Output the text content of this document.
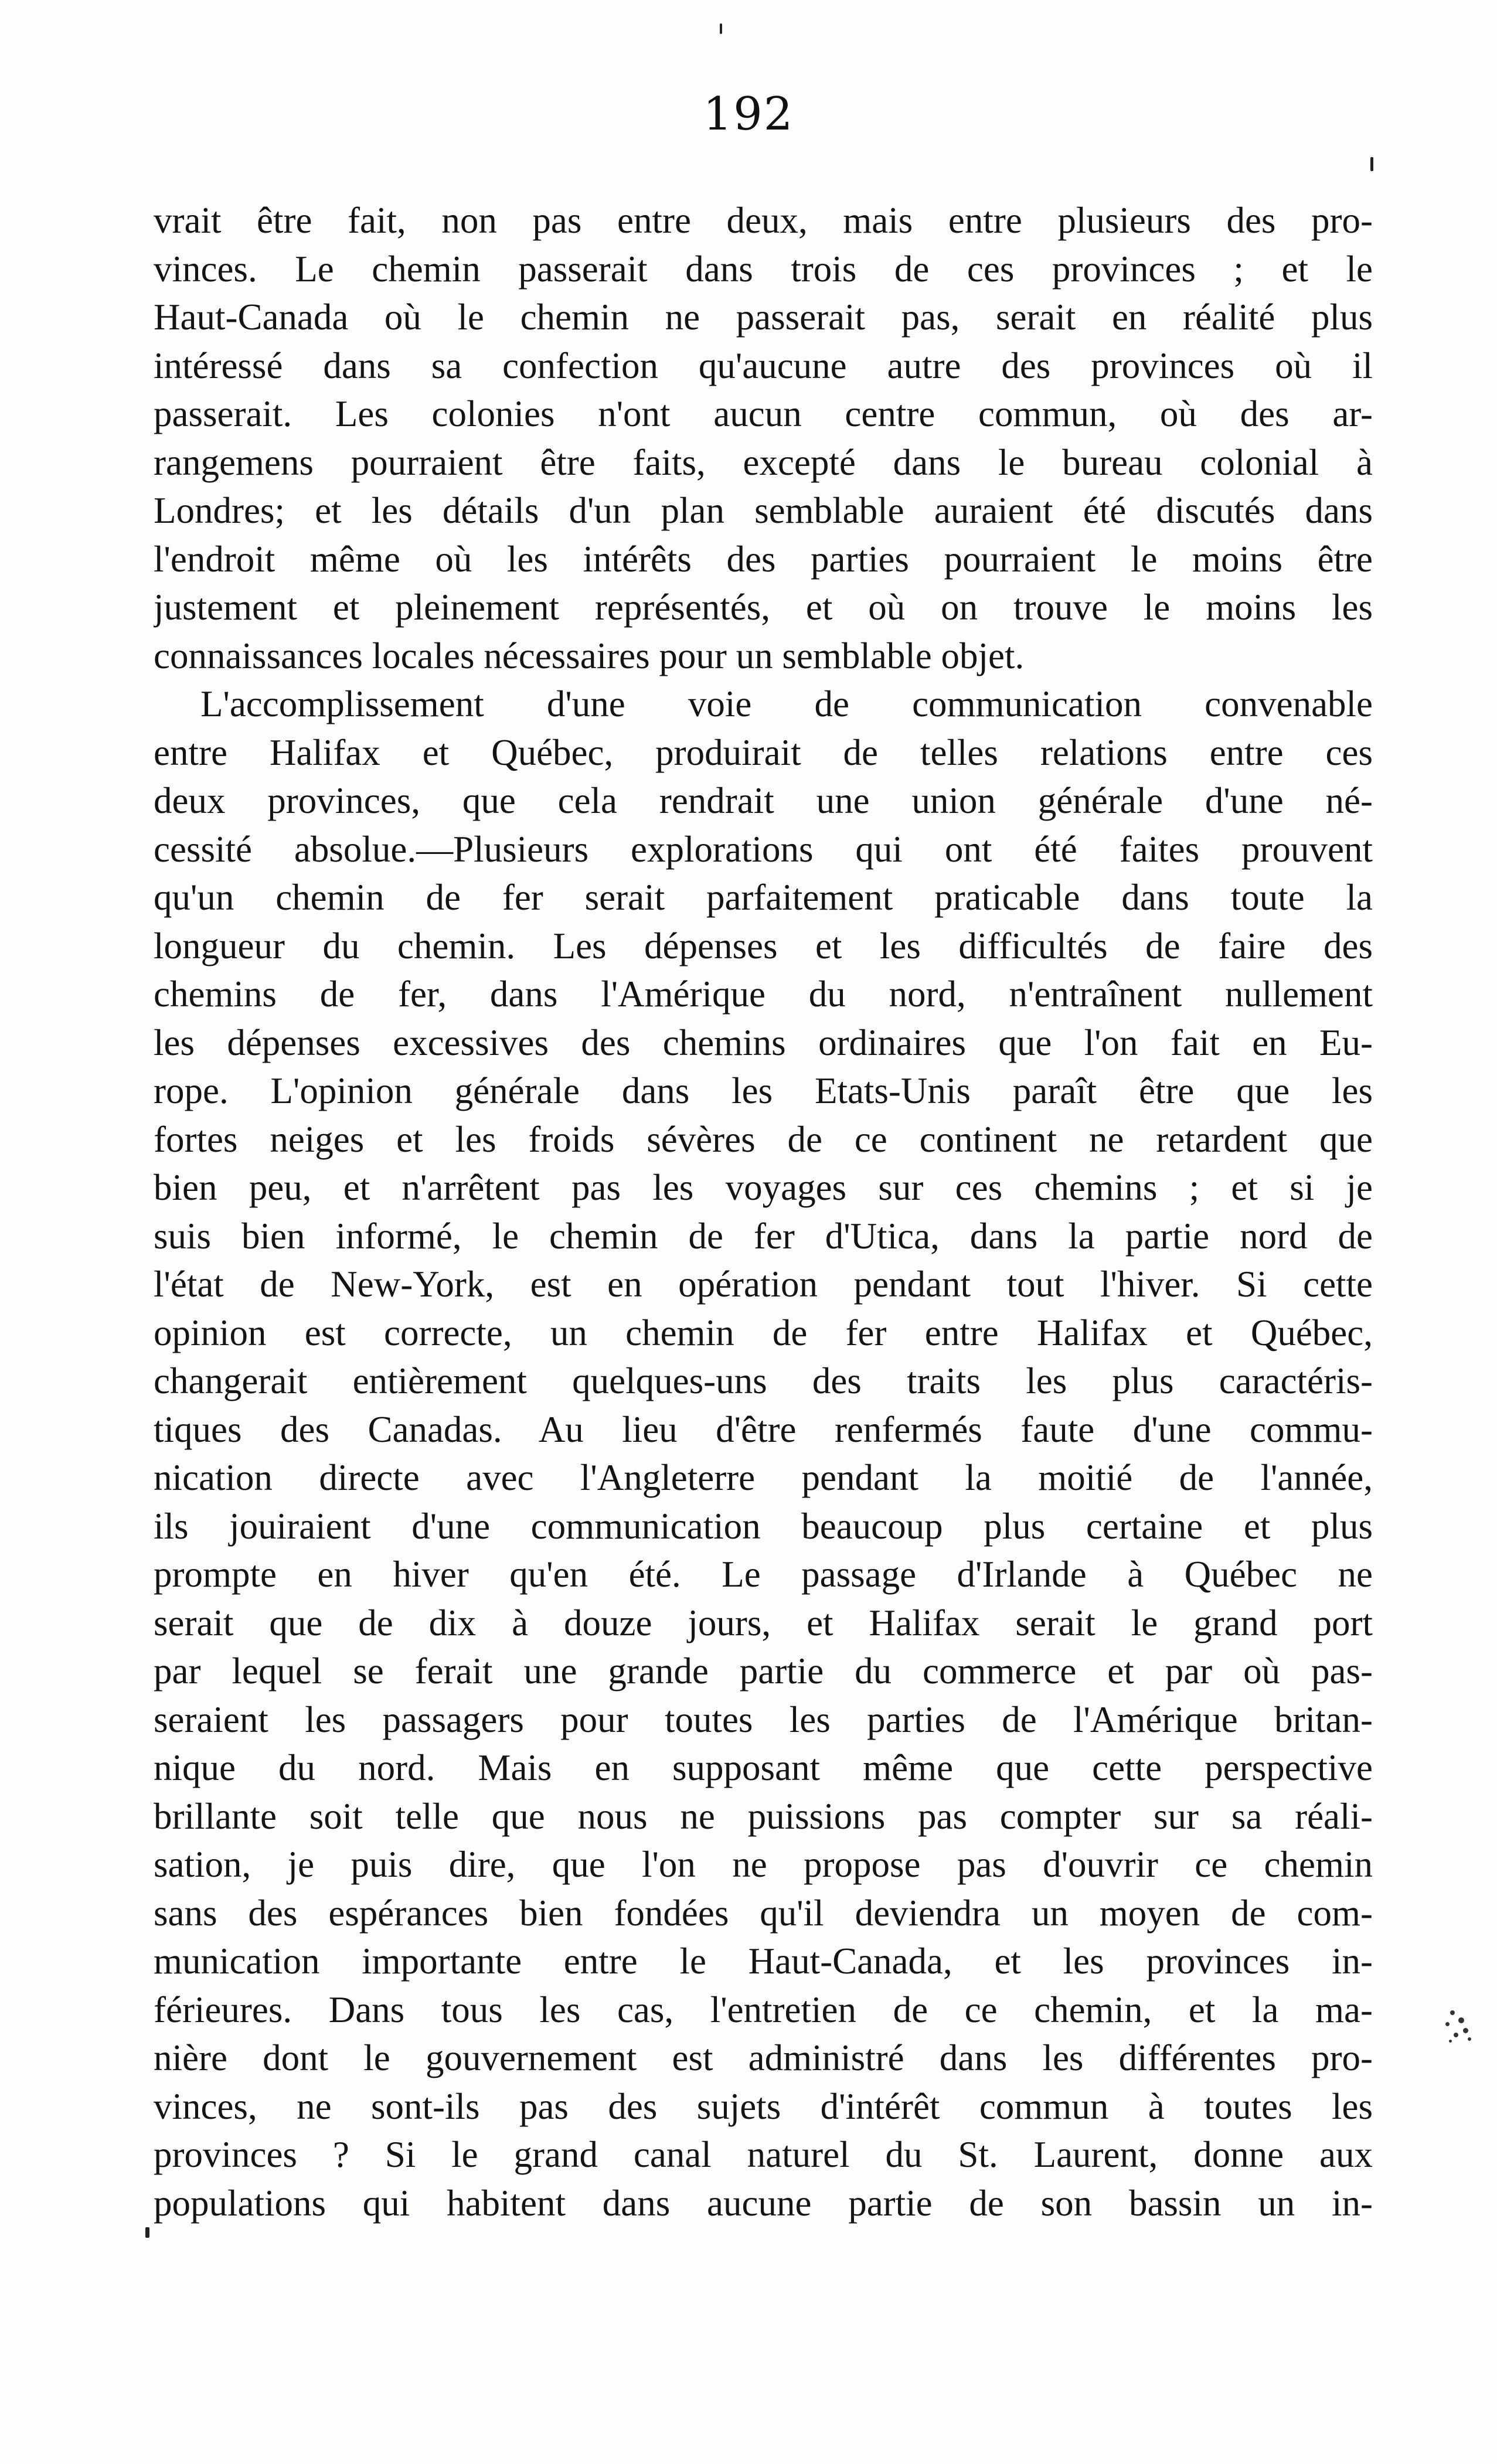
192
vrait être fait, non pas entre deux, mais entre plusieurs des pro-
vinces. Le chemin passerait dans trois de ces provinces ; et le
Haut-Canada où le chemin ne passerait pas, serait en réalité plus
intéressé dans sa confection qu'aucune autre des provinces où il
passerait. Les colonies n'ont aucun centre commun, où des ar-
rangemens pourraient être faits, excepté dans le bureau colonial à
Londres; et les détails d'un plan semblable auraient été discutés dans
l'endroit même où les intérêts des parties pourraient le moins être
justement et pleinement représentés, et où on trouve le moins les
connaissances locales nécessaires pour un semblable objet.
L'accomplissement d'une voie de communication convenable
entre Halifax et Québec, produirait de telles relations entre ces
deux provinces, que cela rendrait une union générale d'une né-
cessité absolue.—Plusieurs explorations qui ont été faites prouvent
qu'un chemin de fer serait parfaitement praticable dans toute la
longueur du chemin. Les dépenses et les difficultés de faire des
chemins de fer, dans l'Amérique du nord, n'entraînent nullement
les dépenses excessives des chemins ordinaires que l'on fait en Eu-
rope. L'opinion générale dans les Etats-Unis paraît être que les
fortes neiges et les froids sévères de ce continent ne retardent que
bien peu, et n'arrêtent pas les voyages sur ces chemins ; et si je
suis bien informé, le chemin de fer d'Utica, dans la partie nord de
l'état de New-York, est en opération pendant tout l'hiver. Si cette
opinion est correcte, un chemin de fer entre Halifax et Québec,
changerait entièrement quelques-uns des traits les plus caractéris-
tiques des Canadas. Au lieu d'être renfermés faute d'une commu-
nication directe avec l'Angleterre pendant la moitié de l'année,
ils jouiraient d'une communication beaucoup plus certaine et plus
prompte en hiver qu'en été. Le passage d'Irlande à Québec ne
serait que de dix à douze jours, et Halifax serait le grand port
par lequel se ferait une grande partie du commerce et par où pas-
seraient les passagers pour toutes les parties de l'Amérique britan-
nique du nord. Mais en supposant même que cette perspective
brillante soit telle que nous ne puissions pas compter sur sa réali-
sation, je puis dire, que l'on ne propose pas d'ouvrir ce chemin
sans des espérances bien fondées qu'il deviendra un moyen de com-
munication importante entre le Haut-Canada, et les provinces in-
férieures. Dans tous les cas, l'entretien de ce chemin, et la ma-
nière dont le gouvernement est administré dans les différentes pro-
vinces, ne sont-ils pas des sujets d'intérêt commun à toutes les
provinces ? Si le grand canal naturel du St. Laurent, donne aux
populations qui habitent dans aucune partie de son bassin un in-
